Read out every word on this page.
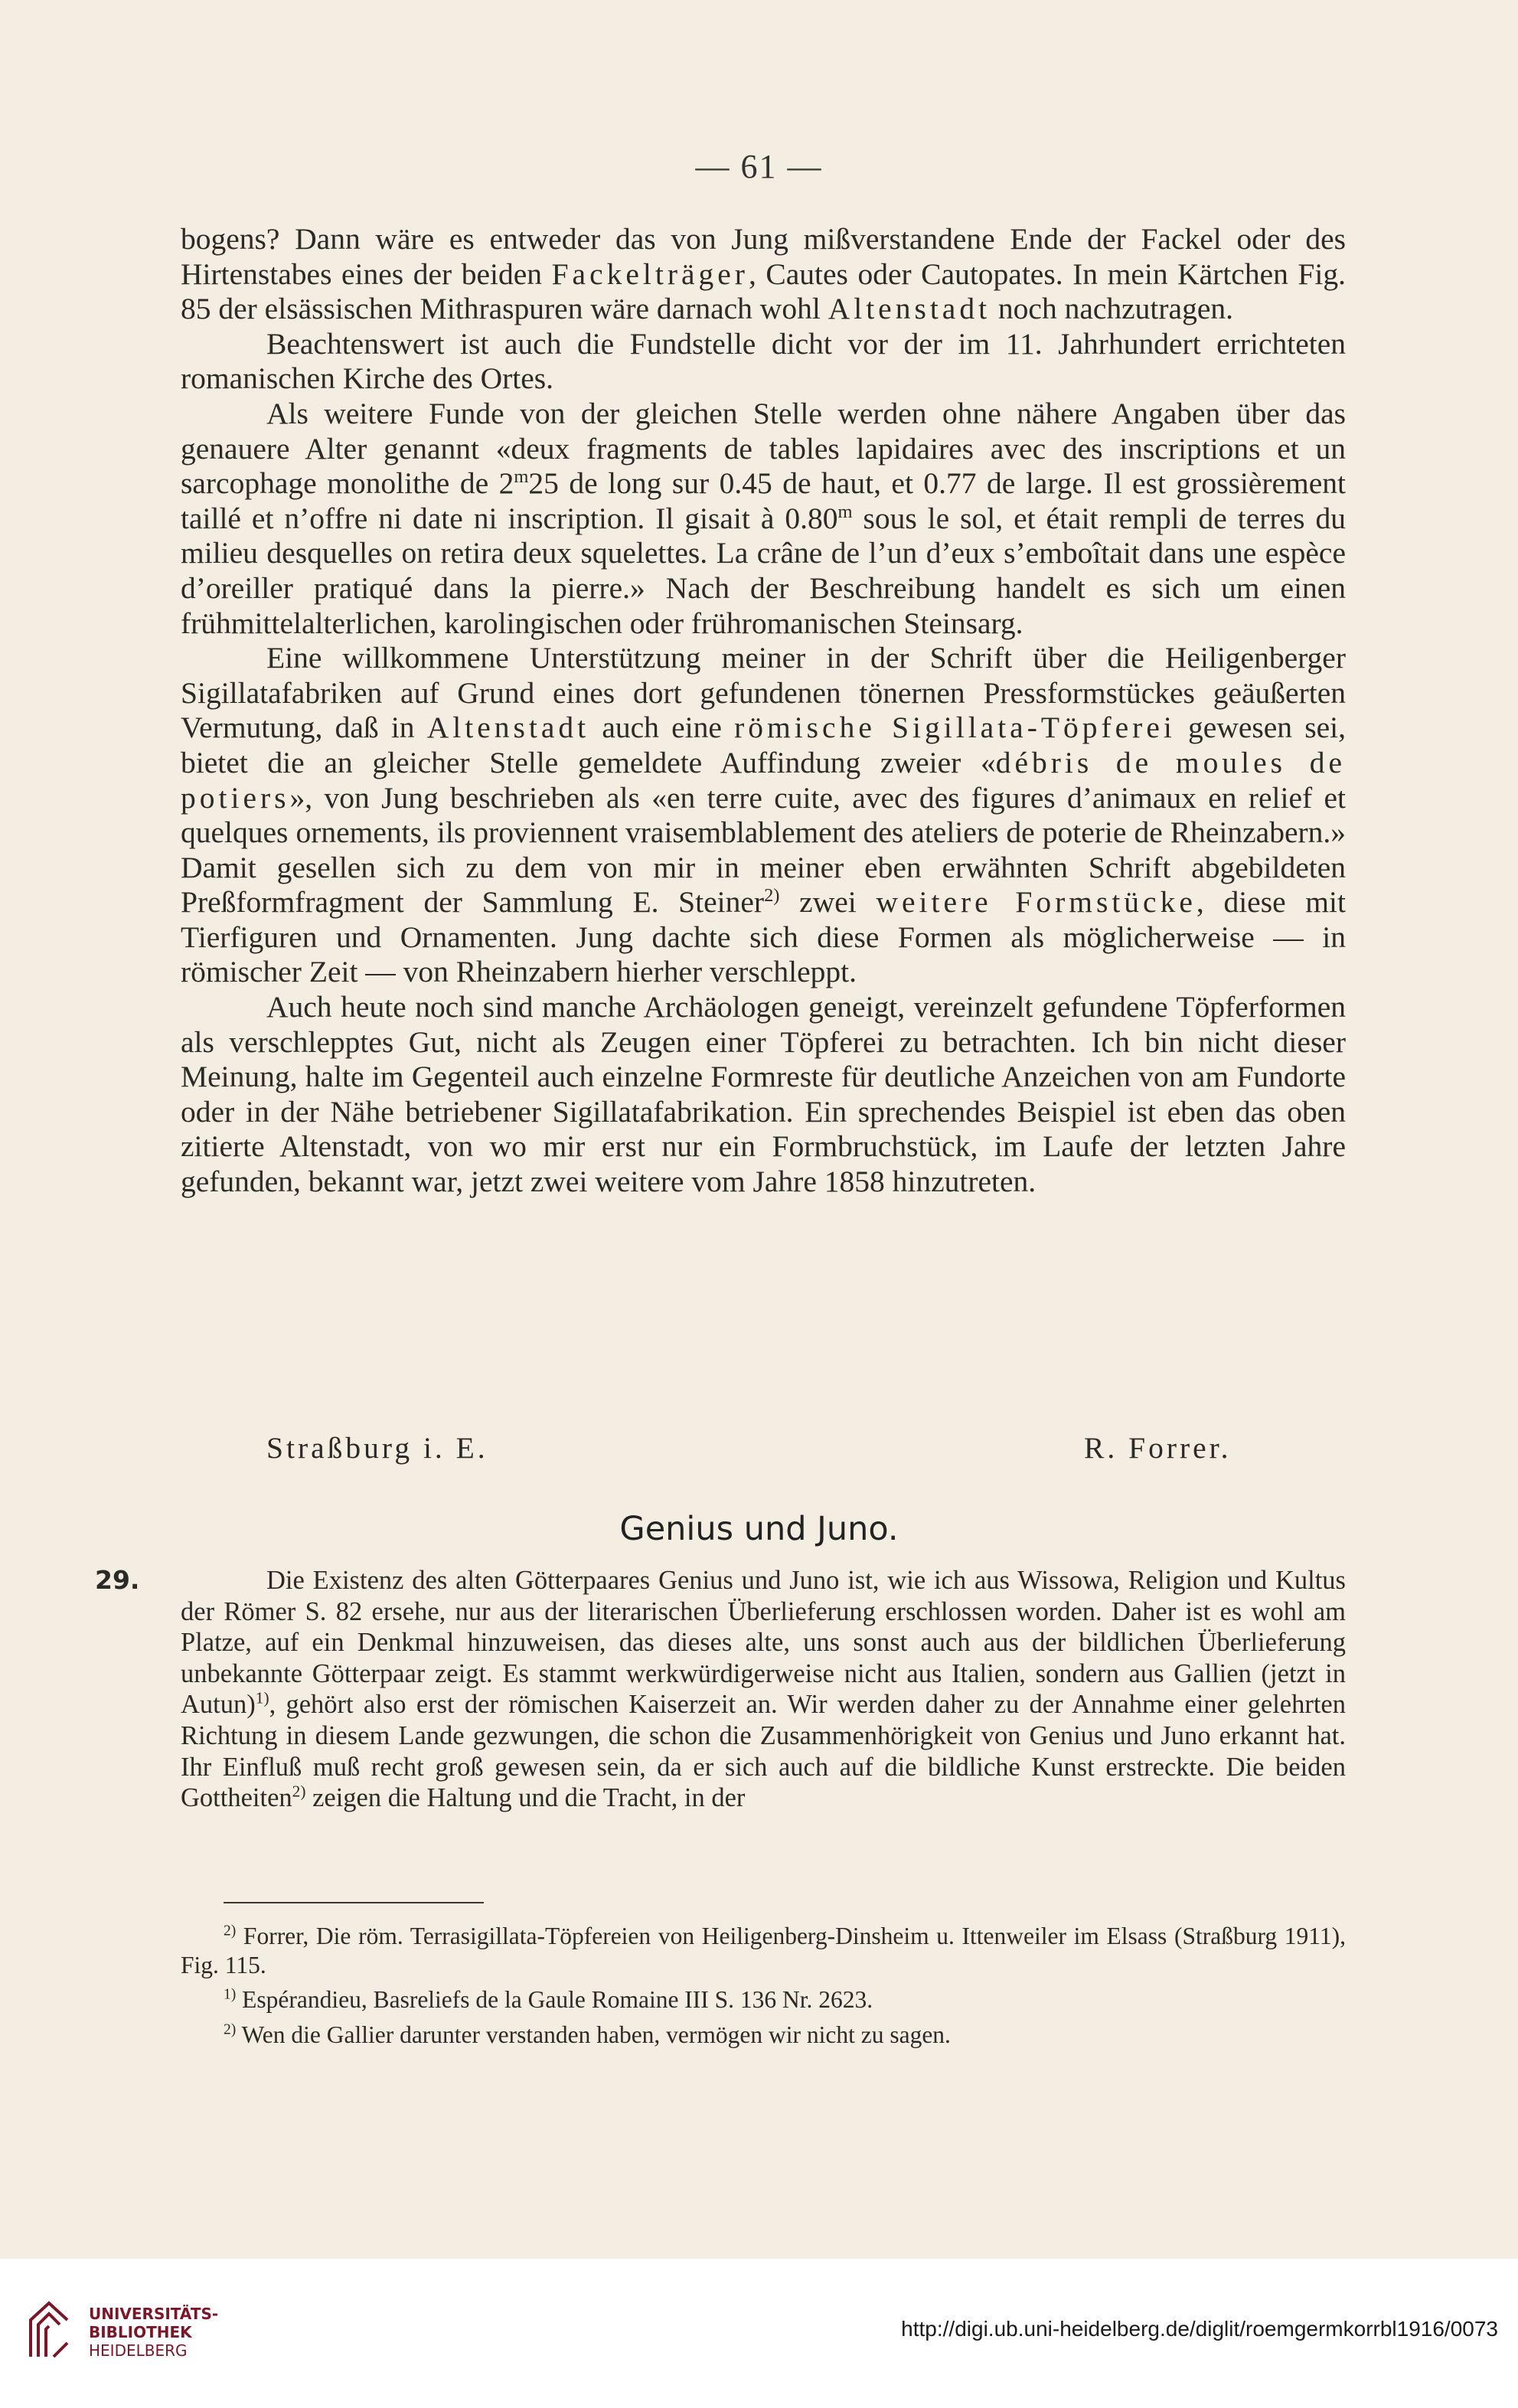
— 61 —

bogens? Dann wäre es entweder das von Jung mißverstandene Ende der Fackel oder des Hirtenstabes eines der beiden Fackelträger, Cautes oder Cautopates. In mein Kärtchen Fig. 85 der elsässischen Mithraspuren wäre darnach wohl Altenstadt noch nachzutragen.

Beachtenswert ist auch die Fundstelle dicht vor der im 11. Jahrhundert errichteten romanischen Kirche des Ortes.

Als weitere Funde von der gleichen Stelle werden ohne nähere Angaben über das genauere Alter genannt «deux fragments de tables lapidaires avec des inscriptions et un sarcophage monolithe de 2$^m$25 de long sur 0.45 de haut, et 0.77 de large. Il est grossièrement taillé et n’offre ni date ni inscription. Il gisait à 0.80$^m$ sous le sol, et était rempli de terres du milieu desquelles on retira deux squelettes. La crâne de l’un d’eux s’emboîtait dans une espèce d’oreiller pratiqué dans la pierre.» Nach der Beschreibung handelt es sich um einen frühmittelalterlichen, karolingischen oder frühromanischen Steinsarg.

Eine willkommene Unterstützung meiner in der Schrift über die Heiligenberger Sigillatafabriken auf Grund eines dort gefundenen tönernen Pressformstückes geäußerten Vermutung, daß in Altenstadt auch eine römische Sigillata-Töpferei gewesen sei, bietet die an gleicher Stelle gemeldete Auffindung zweier «débris de moules de potiers», von Jung beschrieben als «en terre cuite, avec des figures d’animaux en relief et quelques ornements, ils proviennent vraisemblablement des ateliers de poterie de Rheinzabern.» Damit gesellen sich zu dem von mir in meiner eben erwähnten Schrift abgebildeten Preßformfragment der Sammlung E. Steiner$^{2)}$ zwei weitere Formstücke, diese mit Tierfiguren und Ornamenten. Jung dachte sich diese Formen als möglicherweise — in römischer Zeit — von Rheinzabern hierher verschleppt.

Auch heute noch sind manche Archäologen geneigt, vereinzelt gefundene Töpferformen als verschlepptes Gut, nicht als Zeugen einer Töpferei zu betrachten. Ich bin nicht dieser Meinung, halte im Gegenteil auch einzelne Formreste für deutliche Anzeichen von am Fundorte oder in der Nähe betriebener Sigillatafabrikation. Ein sprechendes Beispiel ist eben das oben zitierte Altenstadt, von wo mir erst nur ein Formbruchstück, im Laufe der letzten Jahre gefunden, bekannt war, jetzt zwei weitere vom Jahre 1858 hinzutreten.

Straßburg i. E.	R. Forrer.
Genius und Juno.

29.	Die Existenz des alten Götterpaares Genius und Juno ist, wie ich aus Wissowa, Religion und Kultus der Römer S. 82 ersehe, nur aus der literarischen Überlieferung erschlossen worden. Daher ist es wohl am Platze, auf ein Denkmal hinzuweisen, das dieses alte, uns sonst auch aus der bildlichen Überlieferung unbekannte Götterpaar zeigt. Es stammt werkwürdigerweise nicht aus Italien, sondern aus Gallien (jetzt in Autun)$^{1)}$, gehört also erst der römischen Kaiserzeit an. Wir werden daher zu der Annahme einer gelehrten Richtung in diesem Lande gezwungen, die schon die Zusammenhörigkeit von Genius und Juno erkannt hat. Ihr Einfluß muß recht groß gewesen sein, da er sich auch auf die bildliche Kunst erstreckte. Die beiden Gottheiten$^{2)}$ zeigen die Haltung und die Tracht, in der

$^{2)}$ Forrer, Die röm. Terrasigillata-Töpfereien von Heiligenberg-Dinsheim u. Ittenweiler im Elsass (Straßburg 1911), Fig. 115.

$^{1)}$ Espérandieu, Basreliefs de la Gaule Romaine III S. 136 Nr. 2623.

$^{2)}$ Wen die Gallier darunter verstanden haben, vermögen wir nicht zu sagen.

UNIVERSITÄTS-
BIBLIOTHEK
HEIDELBERG
http://digi.ub.uni-heidelberg.de/diglit/roemgermkorrbl1916/0073
